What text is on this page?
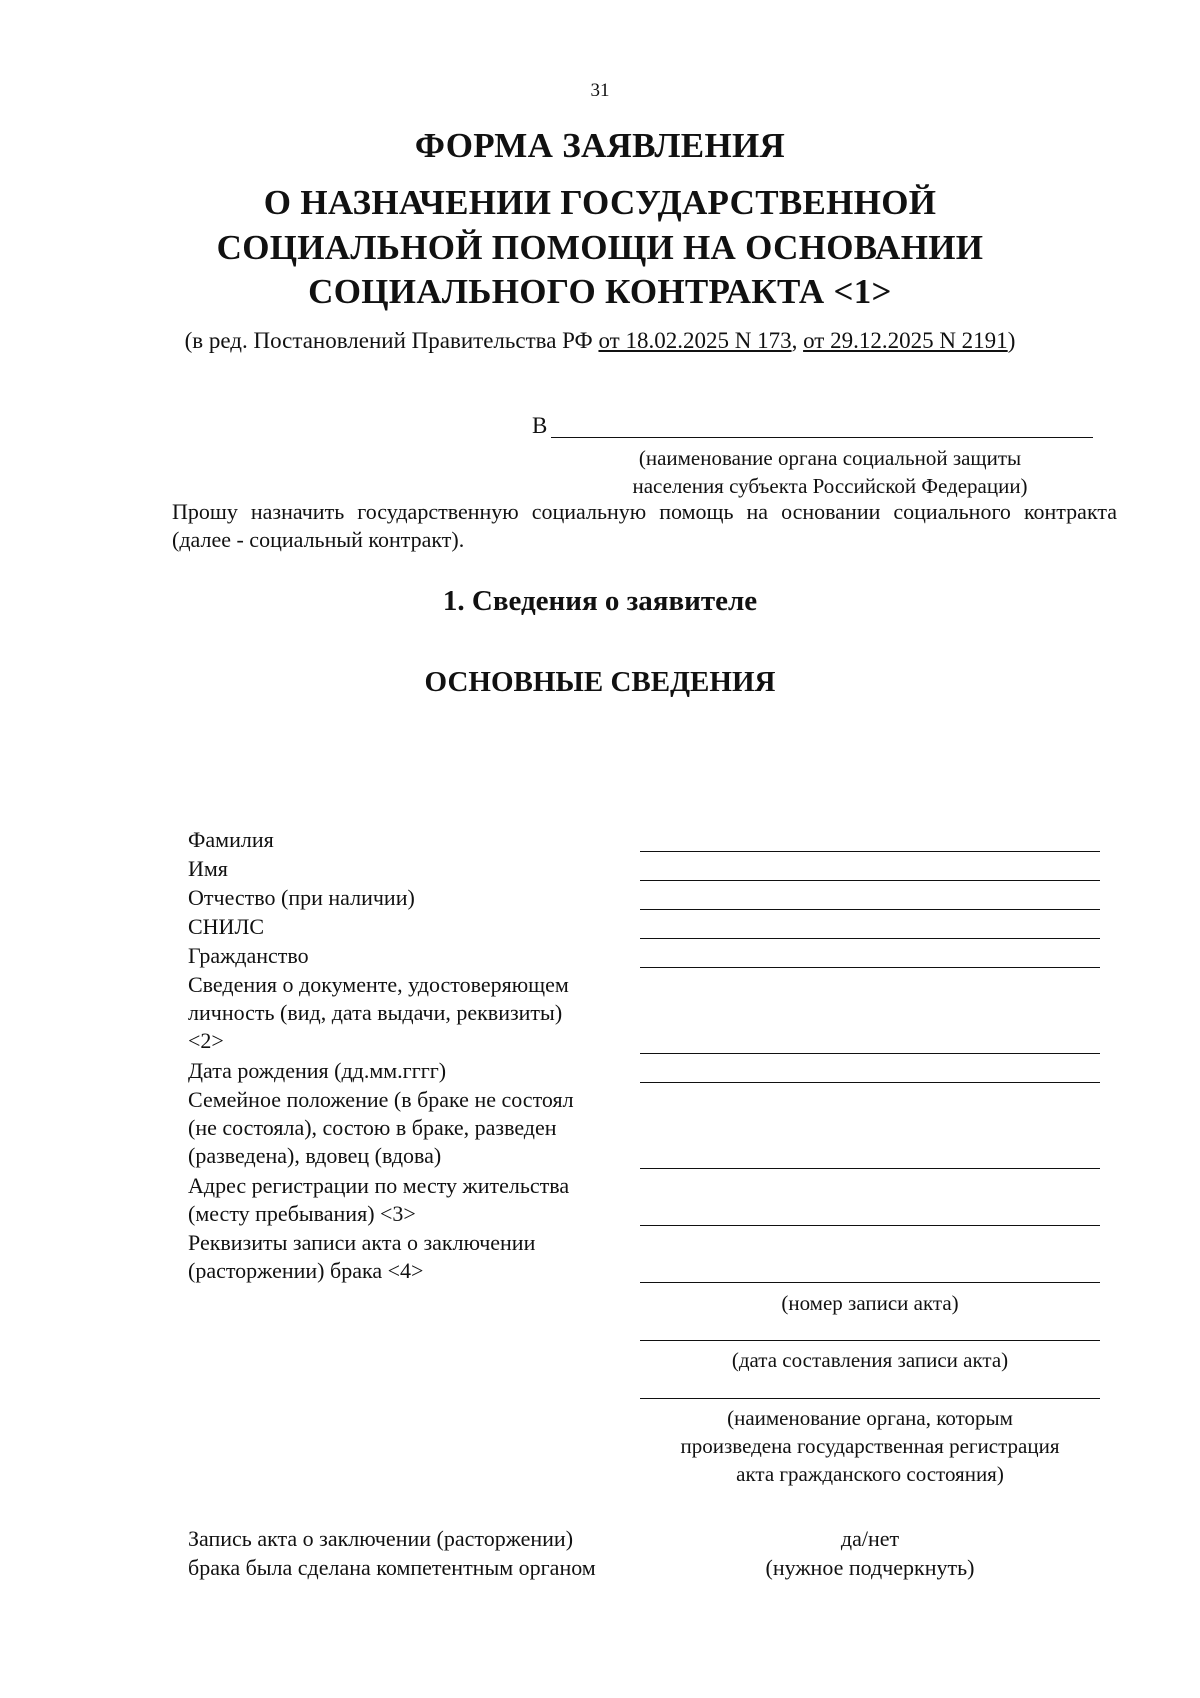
31
ФОРМА ЗАЯВЛЕНИЯ
О НАЗНАЧЕНИИ ГОСУДАРСТВЕННОЙ
СОЦИАЛЬНОЙ ПОМОЩИ НА ОСНОВАНИИ
СОЦИАЛЬНОГО КОНТРАКТА <1>
(в ред. Постановлений Правительства РФ от 18.02.2025 N 173, от 29.12.2025 N 2191)
В
(наименование органа социальной защиты
населения субъекта Российской Федерации)
Прошу назначить государственную социальную помощь на основании социального контракта (далее - социальный контракт).
1. Сведения о заявителе
ОСНОВНЫЕ СВЕДЕНИЯ
Фамилия
Имя
Отчество (при наличии)
СНИЛС
Гражданство
Сведения о документе, удостоверяющем
личность (вид, дата выдачи, реквизиты)
<2>
Дата рождения (дд.мм.гггг)
Семейное положение (в браке не состоял
(не состояла), состою в браке, разведен
(разведена), вдовец (вдова)
Адрес регистрации по месту жительства
(месту пребывания) <3>
Реквизиты записи акта о заключении
(расторжении) брака <4>
(номер записи акта)
(дата составления записи акта)
(наименование органа, которым
произведена государственная регистрация
акта гражданского состояния)
Запись акта о заключении (расторжении)
брака была сделана компетентным органом
да/нет
(нужное подчеркнуть)
